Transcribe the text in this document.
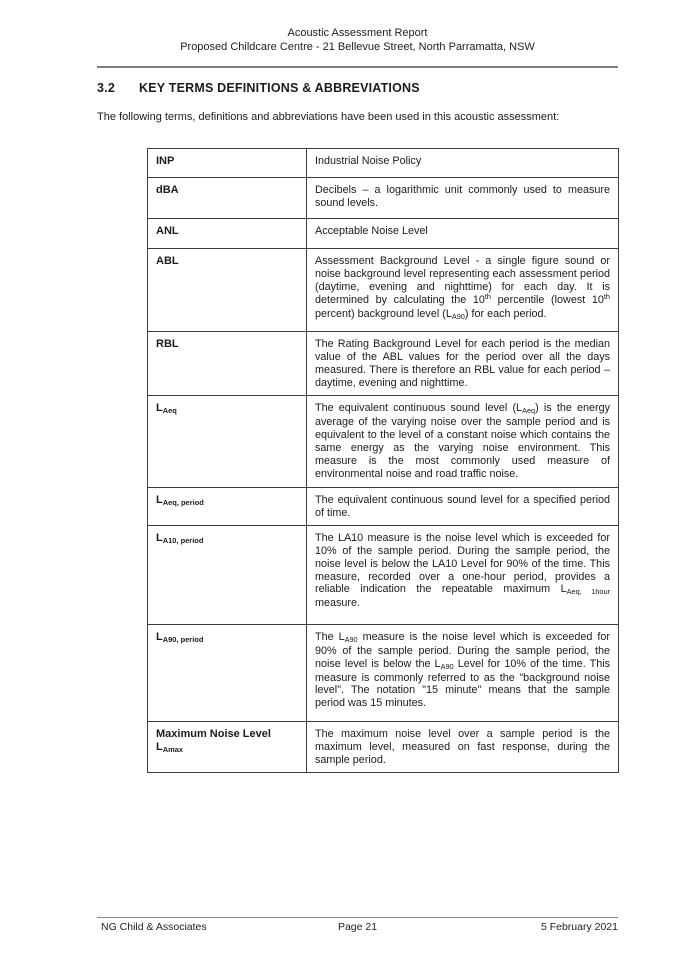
Acoustic Assessment Report
Proposed Childcare Centre - 21 Bellevue Street, North Parramatta, NSW
3.2 KEY TERMS DEFINITIONS & ABBREVIATIONS

The following terms, definitions and abbreviations have been used in this acoustic assessment:

INP	Industrial Noise Policy
dBA	Decibels – a logarithmic unit commonly used to measure sound levels.
ANL	Acceptable Noise Level
ABL	Assessment Background Level - a single figure sound or noise background level representing each assessment period (daytime, evening and nighttime) for each day. It is determined by calculating the 10th percentile (lowest 10th percent) background level $(L_{A90})$ for each period.
RBL	The Rating Background Level for each period is the median value of the ABL values for the period over all the days measured. There is therefore an RBL value for each period – daytime, evening and nighttime.
$L_{Aeq}$	The equivalent continuous sound level $(L_{Aeq})$ is the energy average of the varying noise over the sample period and is equivalent to the level of a constant noise which contains the same energy as the varying noise environment. This measure is the most commonly used measure of environmental noise and road traffic noise.
$L_{Aeq, period}$	The equivalent continuous sound level for a specified period of time.
$L_{A10, period}$	The LA10 measure is the noise level which is exceeded for 10% of the sample period. During the sample period, the noise level is below the LA10 Level for 90% of the time. This measure, recorded over a one-hour period, provides a reliable indication the repeatable maximum $L_{Aeq, 1hour}$ measure.
$L_{A90, period}$	The $L_{A90}$ measure is the noise level which is exceeded for 90% of the sample period. During the sample period, the noise level is below the $L_{A90}$ Level for 10% of the time. This measure is commonly referred to as the "background noise level". The notation "15 minute" means that the sample period was 15 minutes.
Maximum Noise Level $L_{Amax}$	The maximum noise level over a sample period is the maximum level, measured on fast response, during the sample period.
NG Child & Associates	Page 21	5 February 2021
